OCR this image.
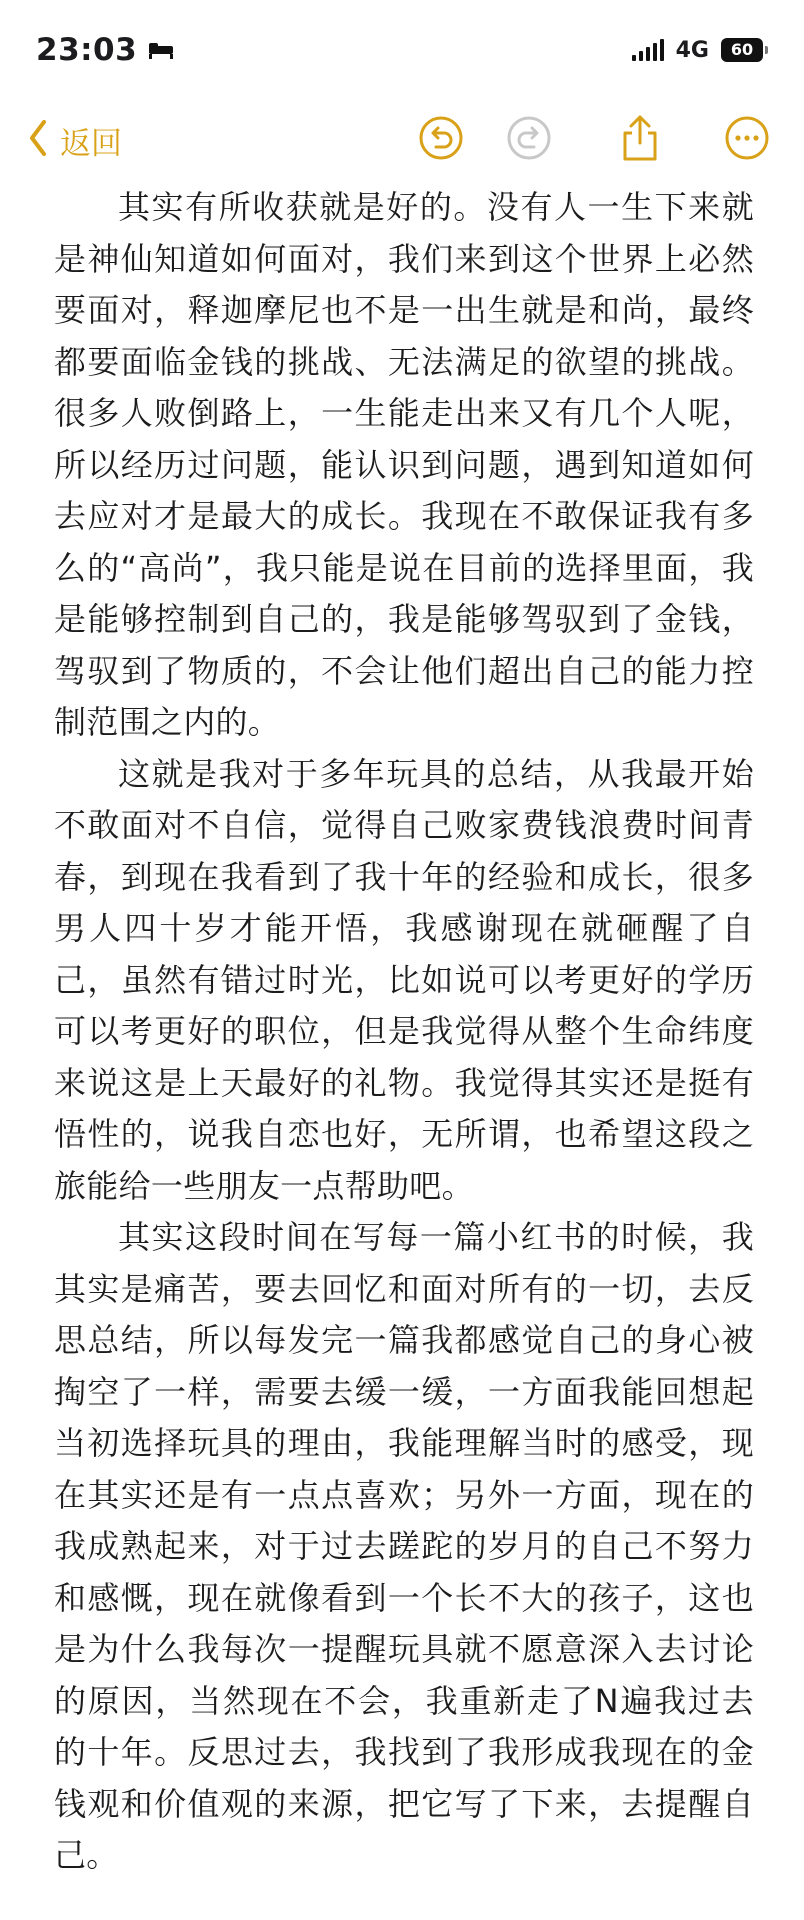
23:03	4G	60
返回

其实有所收获就是好的。没有人一生下来就是神仙知道如何面对，我们来到这个世界上必然要面对，释迦摩尼也不是一出生就是和尚，最终都要面临金钱的挑战、无法满足的欲望的挑战。很多人败倒路上，一生能走出来又有几个人呢，所以经历过问题，能认识到问题，遇到知道如何去应对才是最大的成长。我现在不敢保证我有多么的“高尚”，我只能是说在目前的选择里面，我是能够控制到自己的，我是能够驾驭到了金钱，驾驭到了物质的，不会让他们超出自己的能力控制范围之内的。

这就是我对于多年玩具的总结，从我最开始不敢面对不自信，觉得自己败家费钱浪费时间青春，到现在我看到了我十年的经验和成长，很多男人四十岁才能开悟，我感谢现在就砸醒了自己，虽然有错过时光，比如说可以考更好的学历可以考更好的职位，但是我觉得从整个生命纬度来说这是上天最好的礼物。我觉得其实还是挺有悟性的，说我自恋也好，无所谓，也希望这段之旅能给一些朋友一点帮助吧。

其实这段时间在写每一篇小红书的时候，我其实是痛苦，要去回忆和面对所有的一切，去反思总结，所以每发完一篇我都感觉自己的身心被掏空了一样，需要去缓一缓，一方面我能回想起当初选择玩具的理由，我能理解当时的感受，现在其实还是有一点点喜欢；另外一方面，现在的我成熟起来，对于过去蹉跎的岁月的自己不努力和感慨，现在就像看到一个长不大的孩子，这也是为什么我每次一提醒玩具就不愿意深入去讨论的原因，当然现在不会，我重新走了N遍我过去的十年。反思过去，我找到了我形成我现在的金钱观和价值观的来源，把它写了下来，去提醒自己。
